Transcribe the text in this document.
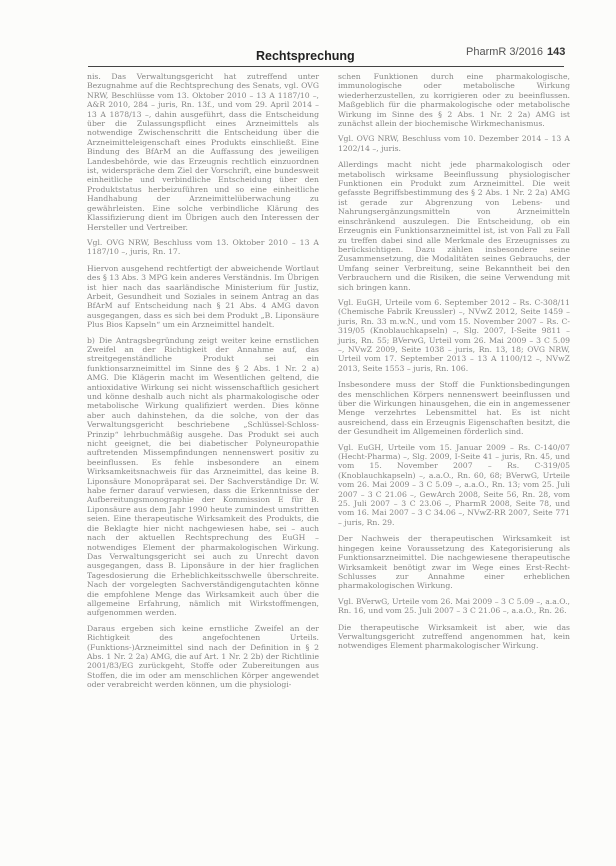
Rechtsprechung	PharmR 3/2016 143

nis. Das Verwaltungsgericht hat zutreffend unter Bezugnahme auf die Rechtsprechung des Senats, vgl. OVG NRW, Beschlüsse vom 13. Oktober 2010 – 13 A 1187/10 –, A&R 2010, 284 – juris, Rn. 13f., und vom 29. April 2014 – 13 A 1878/13 –, dahin ausgeführt, dass die Entscheidung über die Zulassungspflicht eines Arzneimittels als notwendige Zwischenschritt die Entscheidung über die Arzneimitteleigenschaft eines Produkts einschließt. Eine Bindung des BfArM an die Auffassung des jeweiligen Landesbehörde, wie das Erzeugnis rechtlich einzuordnen ist, widerspräche dem Ziel der Vorschrift, eine bundesweit einheitliche und verbindliche Entscheidung über den Produktstatus herbeizuführen und so eine einheitliche Handhabung der Arzneimittelüberwachung zu gewährleisten. Eine solche verbindliche Klärung des Klassifizierung dient im Übrigen auch den Interessen der Hersteller und Vertreiber.

Vgl. OVG NRW, Beschluss vom 13. Oktober 2010 – 13 A 1187/10 –, juris, Rn. 17.

Hiervon ausgehend rechtfertigt der abweichende Wortlaut des § 13 Abs. 3 MPG kein anderes Verständnis. Im Übrigen ist hier nach das saarländische Ministerium für Justiz, Arbeit, Gesundheit und Soziales in seinem Antrag an das BfArM auf Entscheidung nach § 21 Abs. 4 AMG davon ausgegangen, dass es sich bei dem Produkt „B. Liponsäure Plus Bios Kapseln“ um ein Arzneimittel handelt.

b) Die Antragsbegründung zeigt weiter keine ernstlichen Zweifel an der Richtigkeit der Annahme auf, das streitgegenständliche Produkt sei ein funktionsarzneimittel im Sinne des § 2 Abs. 1 Nr. 2 a) AMG. Die Klägerin macht im Wesentlichen geltend, die antioxidative Wirkung sei nicht wissenschaftlich gesichert und könne deshalb auch nicht als pharmakologische oder metabolische Wirkung qualifiziert werden. Dies könne aber auch dahinstehen, da die solche, von der das Verwaltungsgericht beschriebene „Schlüssel-Schloss-Prinzip“ lehrbuchmäßig ausgehe. Das Produkt sei auch nicht geeignet, die bei diabetischer Polyneuropathie auftretenden Missempfindungen nennenswert positiv zu beeinflussen. Es fehle insbesondere an einem Wirksamkeitsnachweis für das Arzneimittel, das keine B. Liponsäure Monopräparat sei. Der Sachverständige Dr. W. habe ferner darauf verwiesen, dass die Erkenntnisse der Aufbereitungsmonographie der Kommission E für B. Liponsäure aus dem Jahr 1990 heute zumindest umstritten seien. Eine therapeutische Wirksamkeit des Produkts, die die Beklagte hier nicht nachgewiesen habe, sei – auch nach der aktuellen Rechtsprechung des EuGH – notwendiges Element der pharmakologischen Wirkung. Das Verwaltungsgericht sei auch zu Unrecht davon ausgegangen, dass B. Liponsäure in der hier fraglichen Tagesdosierung die Erheblichkeitsschwelle überschreite. Nach der vorgelegten Sachverständigengutachten könne die empfohlene Menge das Wirksamkeit auch über die allgemeine Erfahrung, nämlich mit Wirkstoffmengen, aufgenommen werden.

Daraus ergeben sich keine ernstliche Zweifel an der Richtigkeit des angefochtenen Urteils. (Funktions-)Arzneimittel sind nach der Definition in § 2 Abs. 1 Nr. 2 2a) AMG, die auf Art. 1 Nr. 2 2b) der Richtlinie 2001/83/EG zurückgeht, Stoffe oder Zubereitungen aus Stoffen, die im oder am menschlichen Körper angewendet oder verabreicht werden können, um die physiologi-

schen Funktionen durch eine pharmakologische, immunologische oder metabolische Wirkung wiederherzustellen, zu korrigieren oder zu beeinflussen. Maßgeblich für die pharmakologische oder metabolische Wirkung im Sinne des § 2 Abs. 1 Nr. 2 2a) AMG ist zunächst allein der biochemische Wirkmechanismus.

Vgl. OVG NRW, Beschluss vom 10. Dezember 2014 – 13 A 1202/14 –, juris.

Allerdings macht nicht jede pharmakologisch oder metabolisch wirksame Beeinflussung physiologischer Funktionen ein Produkt zum Arzneimittel. Die weit gefasste Begriffsbestimmung des § 2 Abs. 1 Nr. 2 2a) AMG ist gerade zur Abgrenzung von Lebens- und Nahrungsergänzungsmitteln von Arzneimitteln einschränkend auszulegen. Die Entscheidung, ob ein Erzeugnis ein Funktionsarzneimittel ist, ist von Fall zu Fall zu treffen dabei sind alle Merkmale des Erzeugnisses zu berücksichtigen. Dazu zählen insbesondere seine Zusammensetzung, die Modalitäten seines Gebrauchs, der Umfang seiner Verbreitung, seine Bekanntheit bei den Verbrauchern und die Risiken, die seine Verwendung mit sich bringen kann.

Vgl. EuGH, Urteile vom 6. September 2012 – Rs. C-308/11 (Chemische Fabrik Kreussler) –, NVwZ 2012, Seite 1459 – juris, Rn. 33 m.w.N., und vom 15. November 2007 – Rs. C-319/05 (Knoblauchkapseln) –, Slg. 2007, I-Seite 9811 – juris, Rn. 55; BVerwG, Urteil vom 26. Mai 2009 – 3 C 5.09 –, NVwZ 2009, Seite 1038 – juris, Rn. 13, 18; OVG NRW, Urteil vom 17. September 2013 – 13 A 1100/12 –, NVwZ 2013, Seite 1553 – juris, Rn. 106.

Insbesondere muss der Stoff die Funktionsbedingungen des menschlichen Körpers nennenswert beeinflussen und über die Wirkungen hinausgehen, die ein in angemessener Menge verzehrtes Lebensmittel hat. Es ist nicht ausreichend, dass ein Erzeugnis Eigenschaften besitzt, die der Gesundheit im Allgemeinen förderlich sind.

Vgl. EuGH, Urteile vom 15. Januar 2009 – Rs. C-140/07 (Hecht-Pharma) –, Slg. 2009, I-Seite 41 – juris, Rn. 45, und vom 15. November 2007 – Rs. C-319/05 (Knoblauchkapseln) –, a.a.O., Rn. 60, 68; BVerwG, Urteile vom 26. Mai 2009 – 3 C 5.09 –, a.a.O., Rn. 13; vom 25. Juli 2007 – 3 C 21.06 –, GewArch 2008, Seite 56, Rn. 28, vom 25. Juli 2007 – 3 C 23.06 –, PharmR 2008, Seite 78, und vom 16. Mai 2007 – 3 C 34.06 –, NVwZ-RR 2007, Seite 771 – juris, Rn. 29.

Der Nachweis der therapeutischen Wirksamkeit ist hingegen keine Voraussetzung des Kategorisierung als Funktionsarzneimittel. Die nachgewiesene therapeutische Wirksamkeit benötigt zwar im Wege eines Erst-Recht-Schlusses zur Annahme einer erheblichen pharmakologischen Wirkung.

Vgl. BVerwG, Urteile vom 26. Mai 2009 – 3 C 5.09 –, a.a.O., Rn. 16, und vom 25. Juli 2007 – 3 C 21.06 –, a.a.O., Rn. 26.

Die therapeutische Wirksamkeit ist aber, wie das Verwaltungsgericht zutreffend angenommen hat, kein notwendiges Element pharmakologischer Wirkung.
